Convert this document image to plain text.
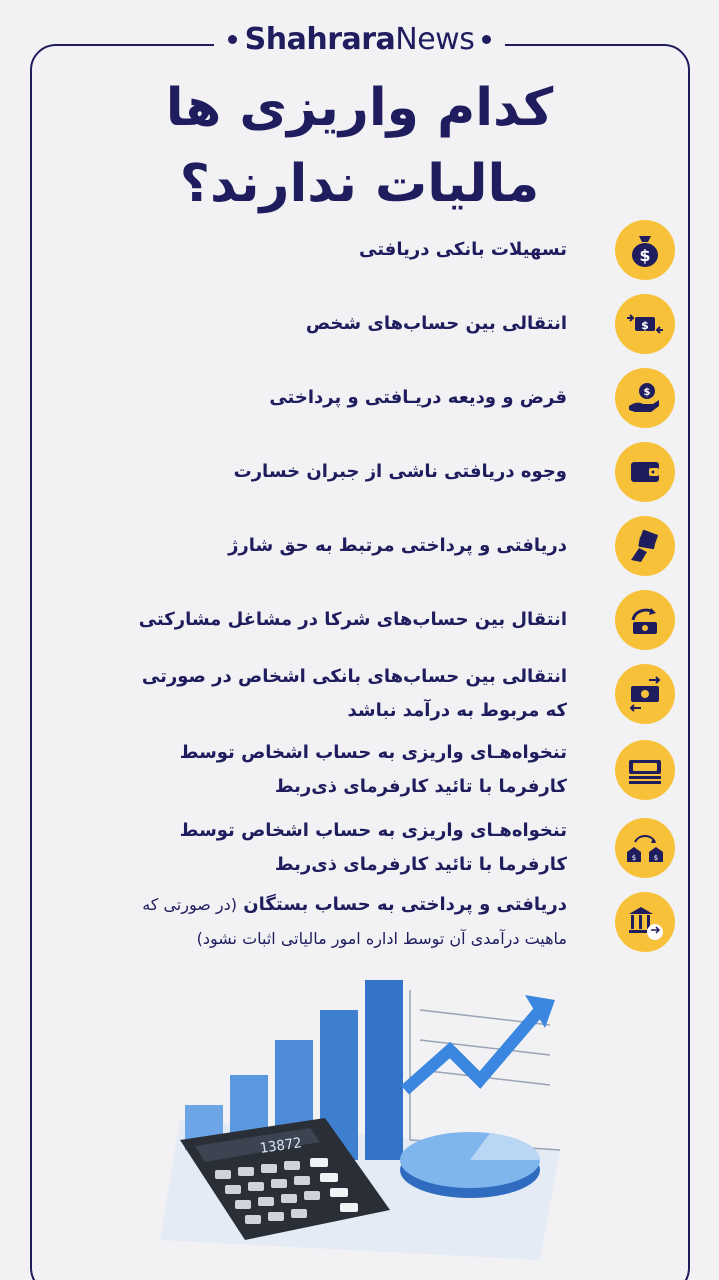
ShahraraNews
کدام واریزی ها
مالیات ندارند؟
تسهیلات بانکی دریافتی	$
انتقالی بین حساب‌های شخص	$
قرض و ودیعه دریـافتی و پرداختی	$
وجوه دریافتی ناشی از جبران خسارت
دریافتی و پرداختی مرتبط به حق شارژ
انتقال بین حساب‌های شرکا در مشاغل مشارکتی
انتقالی بین حساب‌های بانکی اشخاص در صورتی که مربوط به درآمد نباشد
تنخواه‌هـای واریزی به حساب اشخاص توسط کارفرما با تائید کارفرمای ذی‌ربط
تنخواه‌هـای واریزی به حساب اشخاص توسط کارفرما با تائید کارفرمای ذی‌ربط	$	$
دریافتی و پرداختی به حساب بستگان (در صورتی که ماهیت درآمدی آن توسط اداره امور مالیاتی اثبات نشود)
13872
